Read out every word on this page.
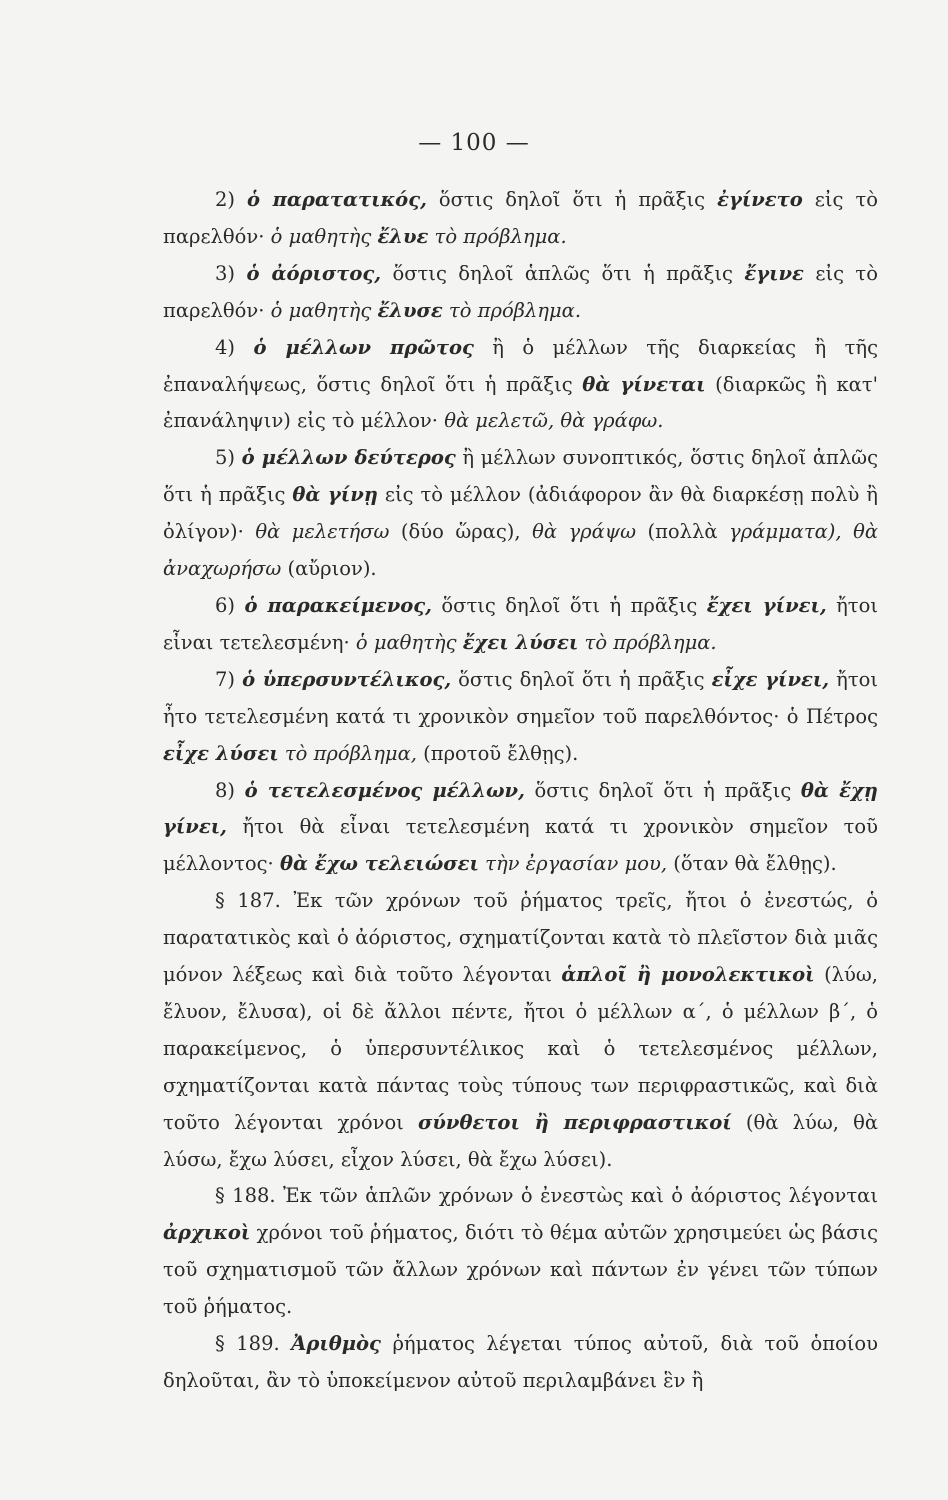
— 100 —

2) ὁ παρατατικός, ὅστις δηλοῖ ὅτι ἡ πρᾶξις ἐγίνετο εἰς τὸ παρελθόν· ὁ μαθητὴς ἔλυε τὸ πρόβλημα.

3) ὁ ἀόριστος, ὅστις δηλοῖ ἁπλῶς ὅτι ἡ πρᾶξις ἔγινε εἰς τὸ παρελθόν· ὁ μαθητὴς ἔλυσε τὸ πρόβλημα.

4) ὁ μέλλων πρῶτος ἢ ὁ μέλλων τῆς διαρκείας ἢ τῆς ἐπαναλήψεως, ὅστις δηλοῖ ὅτι ἡ πρᾶξις θὰ γίνεται (διαρκῶς ἢ κατ' ἐπανάληψιν) εἰς τὸ μέλλον· θὰ μελετῶ, θὰ γράφω.

5) ὁ μέλλων δεύτερος ἢ μέλλων συνοπτικός, ὅστις δηλοῖ ἁπλῶς ὅτι ἡ πρᾶξις θὰ γίνῃ εἰς τὸ μέλλον (ἀδιάφορον ἂν θὰ διαρκέσῃ πολὺ ἢ ὀλίγον)· θὰ μελετήσω (δύο ὥρας), θὰ γράψω (πολλὰ γράμματα), θὰ ἀναχωρήσω (αὔριον).

6) ὁ παρακείμενος, ὅστις δηλοῖ ὅτι ἡ πρᾶξις ἔχει γίνει, ἤτοι εἶναι τετελεσμένη· ὁ μαθητὴς ἔχει λύσει τὸ πρόβλημα.

7) ὁ ὑπερσυντέλικος, ὅστις δηλοῖ ὅτι ἡ πρᾶξις εἶχε γίνει, ἤτοι ἦτο τετελεσμένη κατά τι χρονικὸν σημεῖον τοῦ παρελθόντος· ὁ Πέτρος εἶχε λύσει τὸ πρόβλημα, (προτοῦ ἔλθῃς).

8) ὁ τετελεσμένος μέλλων, ὅστις δηλοῖ ὅτι ἡ πρᾶξις θὰ ἔχῃ γίνει, ἤτοι θὰ εἶναι τετελεσμένη κατά τι χρονικὸν σημεῖον τοῦ μέλλοντος· θὰ ἔχω τελειώσει τὴν ἐργασίαν μου, (ὅταν θὰ ἔλθῃς).

§ 187. Ἐκ τῶν χρόνων τοῦ ῥήματος τρεῖς, ἤτοι ὁ ἐνεστώς, ὁ παρατατικὸς καὶ ὁ ἀόριστος, σχηματίζονται κατὰ τὸ πλεῖστον διὰ μιᾶς μόνον λέξεως καὶ διὰ τοῦτο λέγονται ἁπλοῖ ἢ μονολεκτικοὶ (λύω, ἔλυον, ἔλυσα), οἱ δὲ ἄλλοι πέντε, ἤτοι ὁ μέλλων α΄, ὁ μέλλων β΄, ὁ παρακείμενος, ὁ ὑπερσυντέλικος καὶ ὁ τετελεσμένος μέλλων, σχηματίζονται κατὰ πάντας τοὺς τύπους των περιφραστικῶς, καὶ διὰ τοῦτο λέγονται χρόνοι σύνθετοι ἢ περιφραστικοί (θὰ λύω, θὰ λύσω, ἔχω λύσει, εἶχον λύσει, θὰ ἔχω λύσει).

§ 188. Ἐκ τῶν ἁπλῶν χρόνων ὁ ἐνεστὼς καὶ ὁ ἀόριστος λέγονται ἀρχικοὶ χρόνοι τοῦ ῥήματος, διότι τὸ θέμα αὐτῶν χρησιμεύει ὡς βάσις τοῦ σχηματισμοῦ τῶν ἄλλων χρόνων καὶ πάντων ἐν γένει τῶν τύπων τοῦ ῥήματος.

§ 189. Ἀριθμὸς ῥήματος λέγεται τύπος αὐτοῦ, διὰ τοῦ ὁποίου δηλοῦται, ἂν τὸ ὑποκείμενον αὐτοῦ περιλαμβάνει ἓν ἢ
